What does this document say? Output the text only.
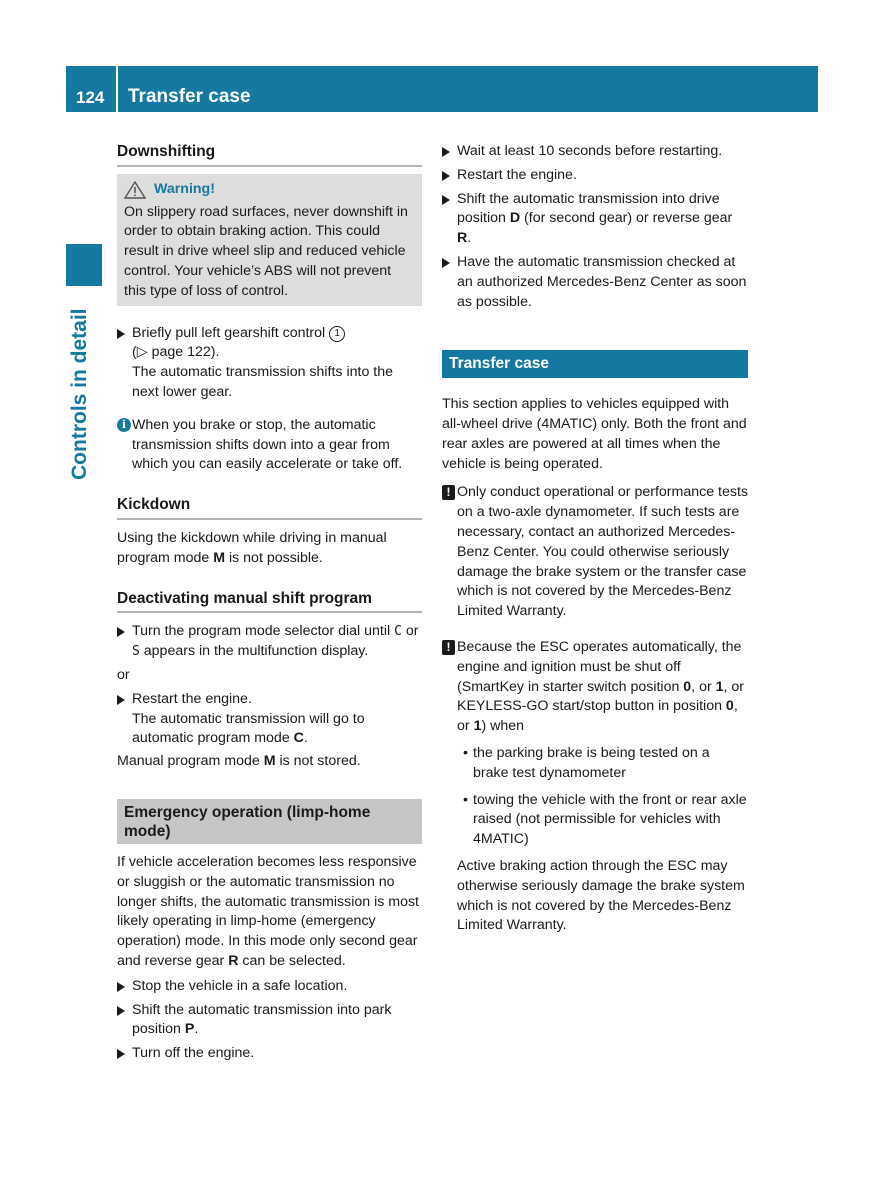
124 Transfer case
Controls in detail
Downshifting
Warning!

On slippery road surfaces, never downshift in order to obtain braking action. This could result in drive wheel slip and reduced vehicle control. Your vehicle’s ABS will not prevent this type of loss of control.

Briefly pull left gearshift control 1
(▷ page 122).
The automatic transmission shifts into the next lower gear.
i When you brake or stop, the automatic transmission shifts down into a gear from which you can easily accelerate or take off.
Kickdown

Using the kickdown while driving in manual program mode M is not possible.

Deactivating manual shift program
Turn the program mode selector dial until C or S appears in the multifunction display.

or

Restart the engine.
The automatic transmission will go to automatic program mode C.

Manual program mode M is not stored.

Emergency operation (limp-home mode)

If vehicle acceleration becomes less responsive or sluggish or the automatic transmission no longer shifts, the automatic transmission is most likely operating in limp-home (emergency operation) mode. In this mode only second gear and reverse gear R can be selected.

Stop the vehicle in a safe location.
Shift the automatic transmission into park position P.
Turn off the engine.
Wait at least 10 seconds before restarting.
Restart the engine.
Shift the automatic transmission into drive position D (for second gear) or reverse gear R.
Have the automatic transmission checked at an authorized Mercedes-Benz Center as soon as possible.
Transfer case

This section applies to vehicles equipped with all-wheel drive (4MATIC) only. Both the front and rear axles are powered at all times when the vehicle is being operated.

! Only conduct operational or performance tests on a two-axle dynamometer. If such tests are necessary, contact an authorized Mercedes-Benz Center. You could otherwise seriously damage the brake system or the transfer case which is not covered by the Mercedes-Benz Limited Warranty.
! Because the ESC operates automatically, the engine and ignition must be shut off (SmartKey in starter switch position 0, or 1, or KEYLESS-GO start/stop button in position 0, or 1) when
• the parking brake is being tested on a brake test dynamometer
• towing the vehicle with the front or rear axle raised (not permissible for vehicles with 4MATIC)

Active braking action through the ESC may otherwise seriously damage the brake system which is not covered by the Mercedes-Benz Limited Warranty.
